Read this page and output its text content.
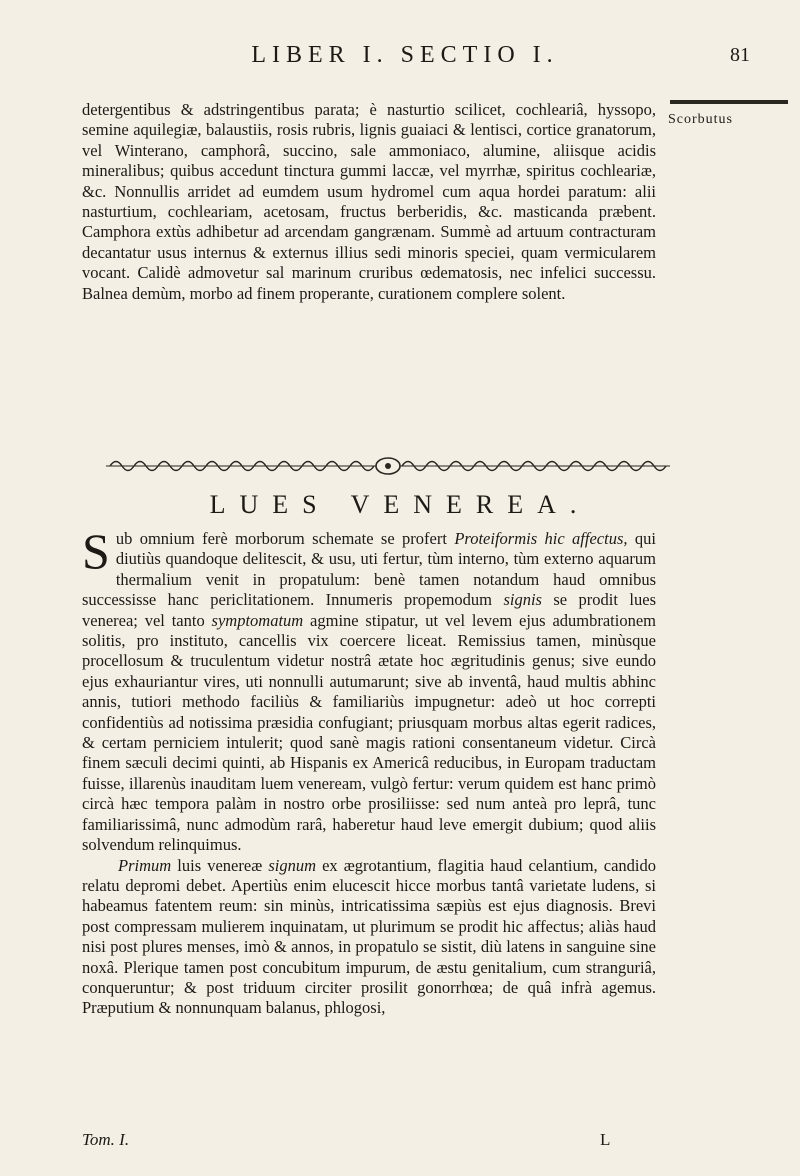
LIBER I. SECTIO I.	81
Scorbutus

detergentibus & adstringentibus parata; è nasturtio scilicet, cochleariâ, hyssopo, semine aquilegiæ, balaustiis, rosis rubris, lignis guaiaci & lentisci, cortice granatorum, vel Winterano, camphorâ, succino, sale ammoniaco, alumine, aliisque acidis mineralibus; quibus accedunt tinctura gummi laccæ, vel myrrhæ, spiritus cochleariæ, &c. Nonnullis arridet ad eumdem usum hydromel cum aqua hordei paratum: alii nasturtium, cochleariam, acetosam, fructus berberidis, &c. masticanda præbent. Camphora extùs adhibetur ad arcendam gangrænam. Summè ad artuum contracturam decantatur usus internus & externus illius sedi minoris speciei, quam vermicularem vocant. Calidè admovetur sal marinum cruribus œdematosis, nec infelici successu. Balnea demùm, morbo ad finem properante, curationem complere solent.

LUES VENEREA.

Sub omnium ferè morborum schemate se profert Proteiformis hic affectus, qui diutiùs quandoque delitescit, & usu, uti fertur, tùm interno, tùm externo aquarum thermalium venit in propatulum: benè tamen notandum haud omnibus successisse hanc periclitationem. Innumeris propemodum signis se prodit lues venerea; vel tanto symptomatum agmine stipatur, ut vel levem ejus adumbrationem solitis, pro instituto, cancellis vix coercere liceat. Remissius tamen, minùsque procellosum & truculentum videtur nostrâ ætate hoc ægritudinis genus; sive eundo ejus exhauriantur vires, uti nonnulli autumarunt; sive ab inventâ, haud multis abhinc annis, tutiori methodo faciliùs & familiariùs impugnetur: adeò ut hoc correpti confidentiùs ad notissima præsidia confugiant; priusquam morbus altas egerit radices, & certam perniciem intulerit; quod sanè magis rationi consentaneum videtur. Circà finem sæculi decimi quinti, ab Hispanis ex Americâ reducibus, in Europam traductam fuisse, illarenùs inauditam luem veneream, vulgò fertur: verum quidem est hanc primò circà hæc tempora palàm in nostro orbe prosiliisse: sed num anteà pro leprâ, tunc familiarissimâ, nunc admodùm rarâ, haberetur haud leve emergit dubium; quod aliis solvendum relinquimus.

Primum luis venereæ signum ex ægrotantium, flagitia haud celantium, candido relatu depromi debet. Apertiùs enim elucescit hicce morbus tantâ varietate ludens, si habeamus fatentem reum: sin minùs, intricatissima sæpiùs est ejus diagnosis. Brevi post compressam mulierem inquinatam, ut plurimum se prodit hic affectus; aliàs haud nisi post plures menses, imò & annos, in propatulo se sistit, diù latens in sanguine sine noxâ. Plerique tamen post concubitum impurum, de æstu genitalium, cum stranguriâ, conqueruntur; & post triduum circiter prosilit gonorrhœa; de quâ infrà agemus. Præputium & nonnunquam balanus, phlogosi,

Tom. I.	L
